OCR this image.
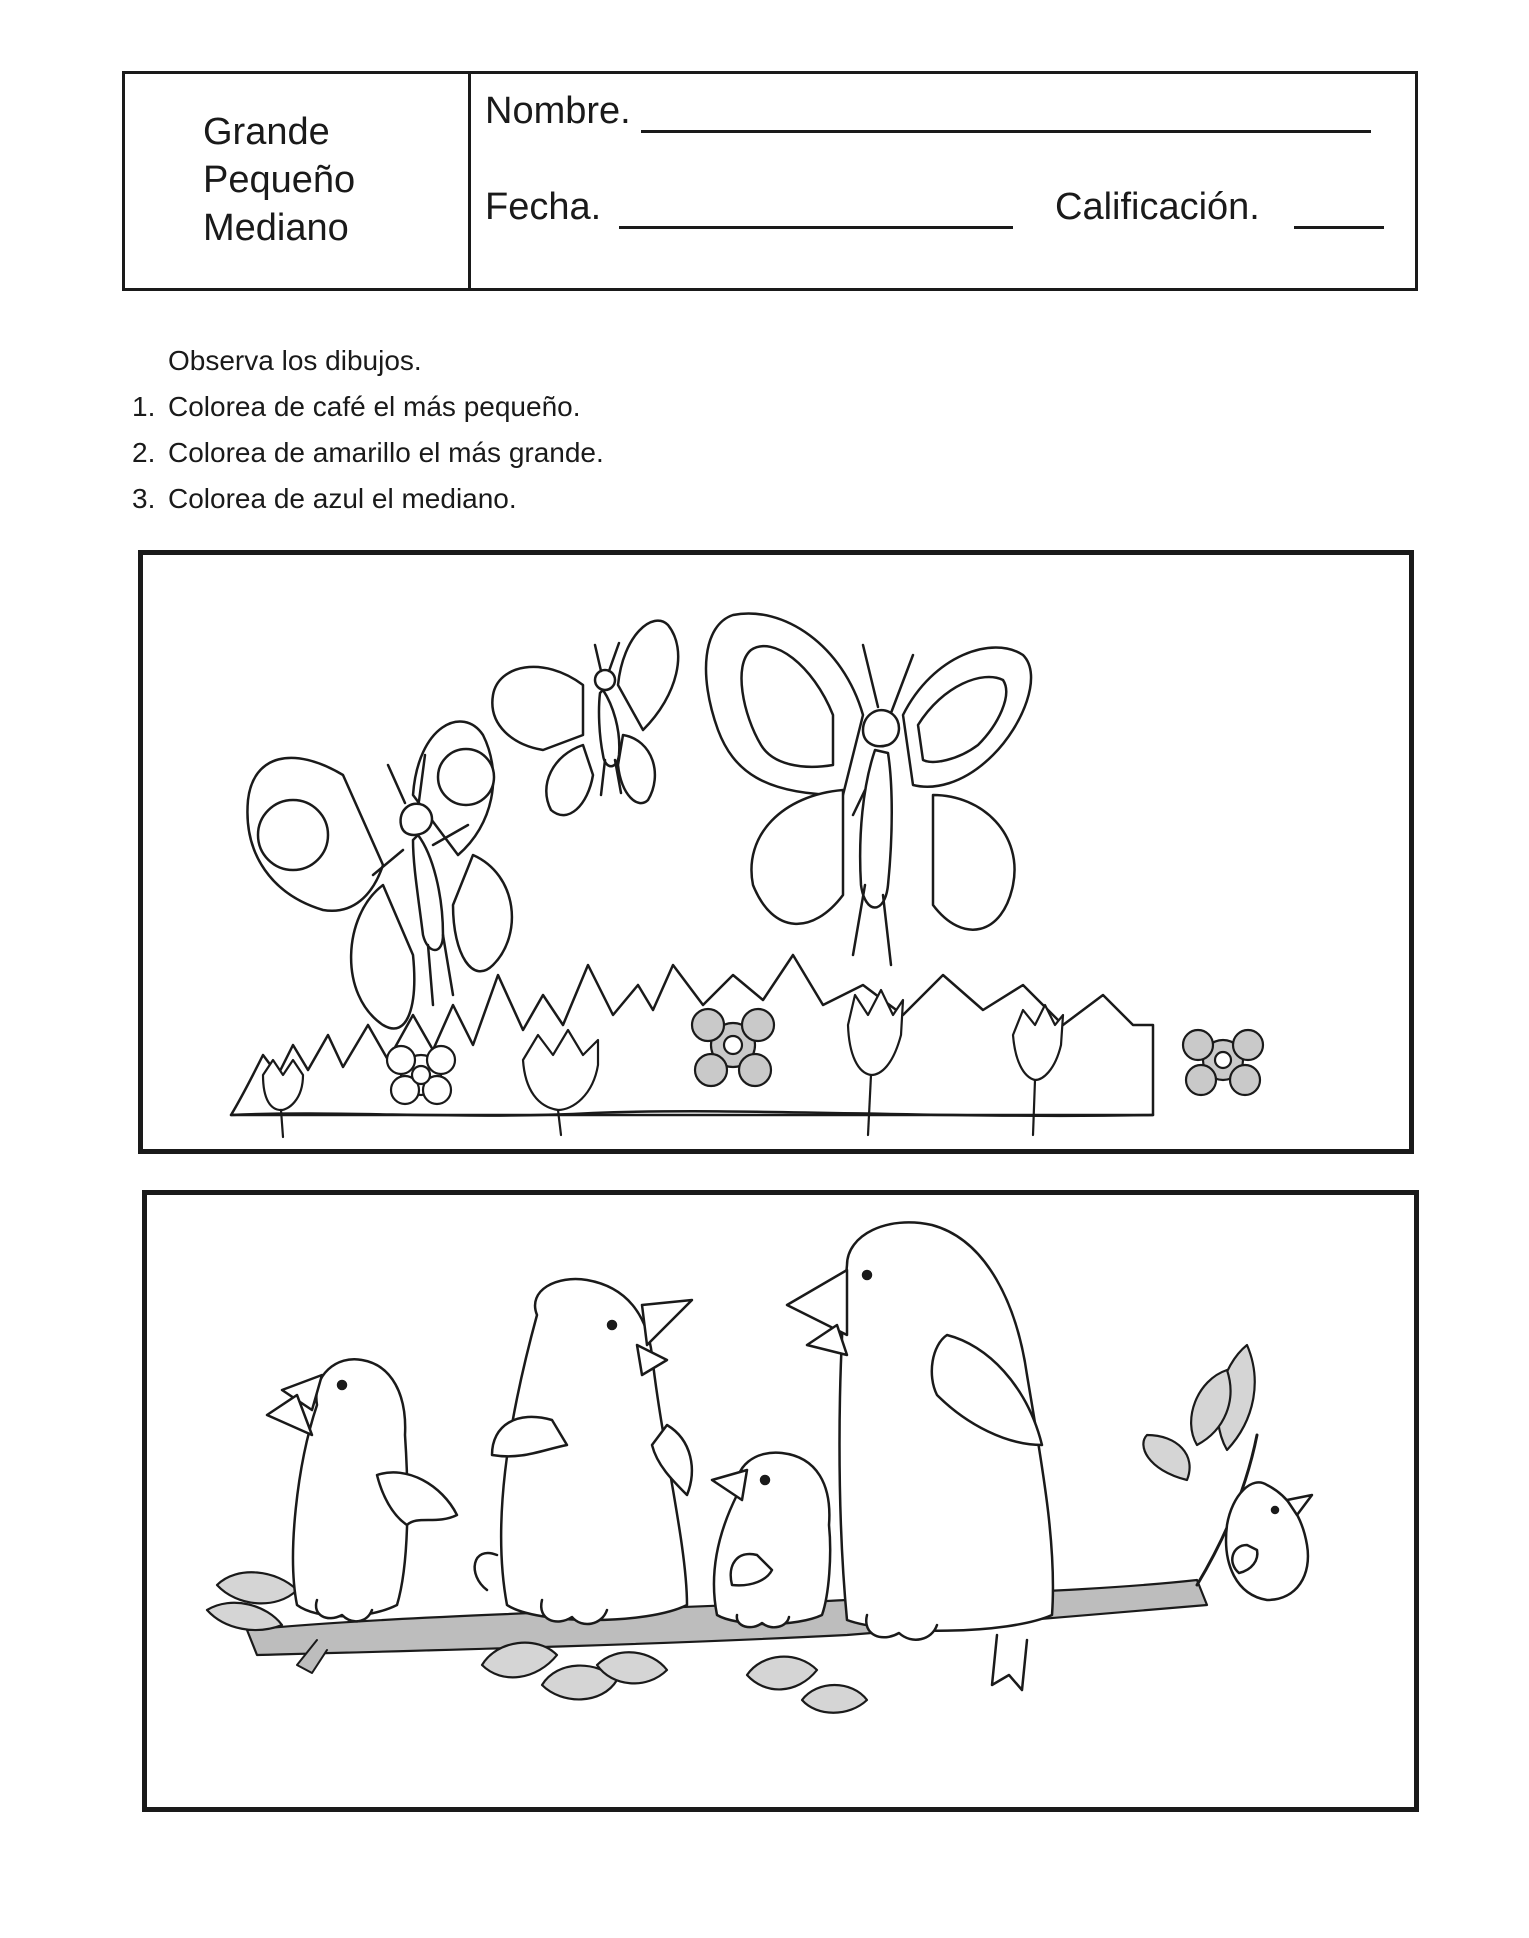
Grande
Pequeño
Mediano
Nombre.
Fecha.	Calificación.
Observa los dibujos.
1. Colorea de café el más pequeño.
2. Colorea de amarillo el más grande.
3. Colorea de azul el mediano.
